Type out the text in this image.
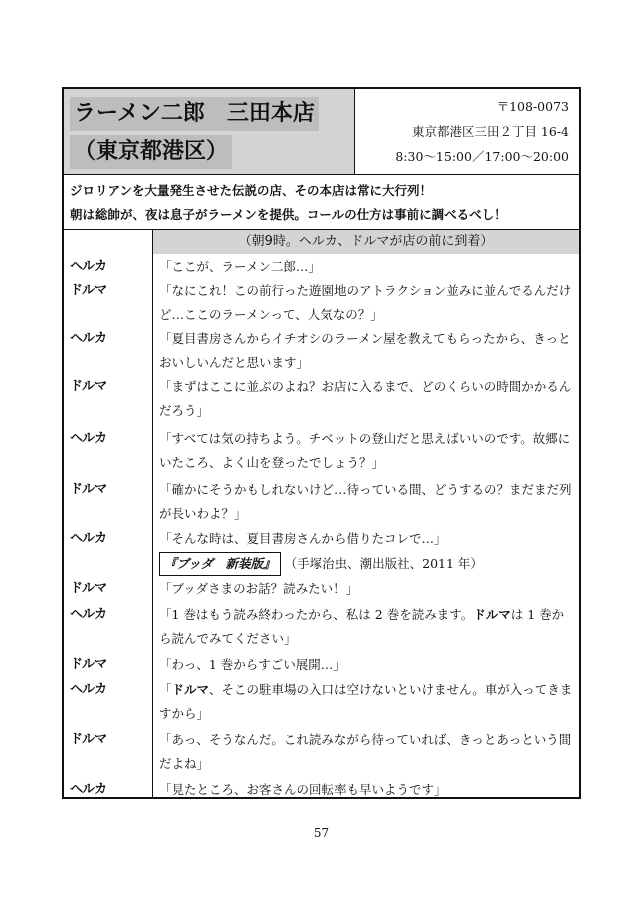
ラーメン二郎　三田本店
（東京都港区）
〒108-0073
東京都港区三田２丁目 16-4
8:30～15:00／17:00～20:00
ジロリアンを大量発生させた伝説の店、その本店は常に大行列！
朝は総帥が、夜は息子がラーメンを提供。コールの仕方は事前に調べるべし！
（朝9時。ヘルカ、ドルマが店の前に到着）
ヘルカ	「ここが、ラーメン二郎…」
ドルマ	「なにこれ！この前行った遊園地のアトラクション並みに並んでるんだけど…ここのラーメンって、人気なの？」
ヘルカ	「夏目書房さんからイチオシのラーメン屋を教えてもらったから、きっとおいしいんだと思います」
ドルマ	「まずはここに並ぶのよね？お店に入るまで、どのくらいの時間かかるんだろう」
ヘルカ	「すべては気の持ちよう。チベットの登山だと思えばいいのです。故郷にいたころ、よく山を登ったでしょう？」
ドルマ	「確かにそうかもしれないけど…待っている間、どうするの？まだまだ列が長いわよ？」
ヘルカ	「そんな時は、夏目書房さんから借りたコレで…」
『ブッダ　新装版』 （手塚治虫、潮出版社、2011 年）
ドルマ	「ブッダさまのお話？読みたい！」
ヘルカ	「1 巻はもう読み終わったから、私は 2 巻を読みます。ドルマは 1 巻から読んでみてください」
ドルマ	「わっ、1 巻からすごい展開…」
ヘルカ	「ドルマ、そこの駐車場の入口は空けないといけません。車が入ってきますから」
ドルマ	「あっ、そうなんだ。これ読みながら待っていれば、きっとあっという間だよね」
ヘルカ	「見たところ、お客さんの回転率も早いようです」
57
